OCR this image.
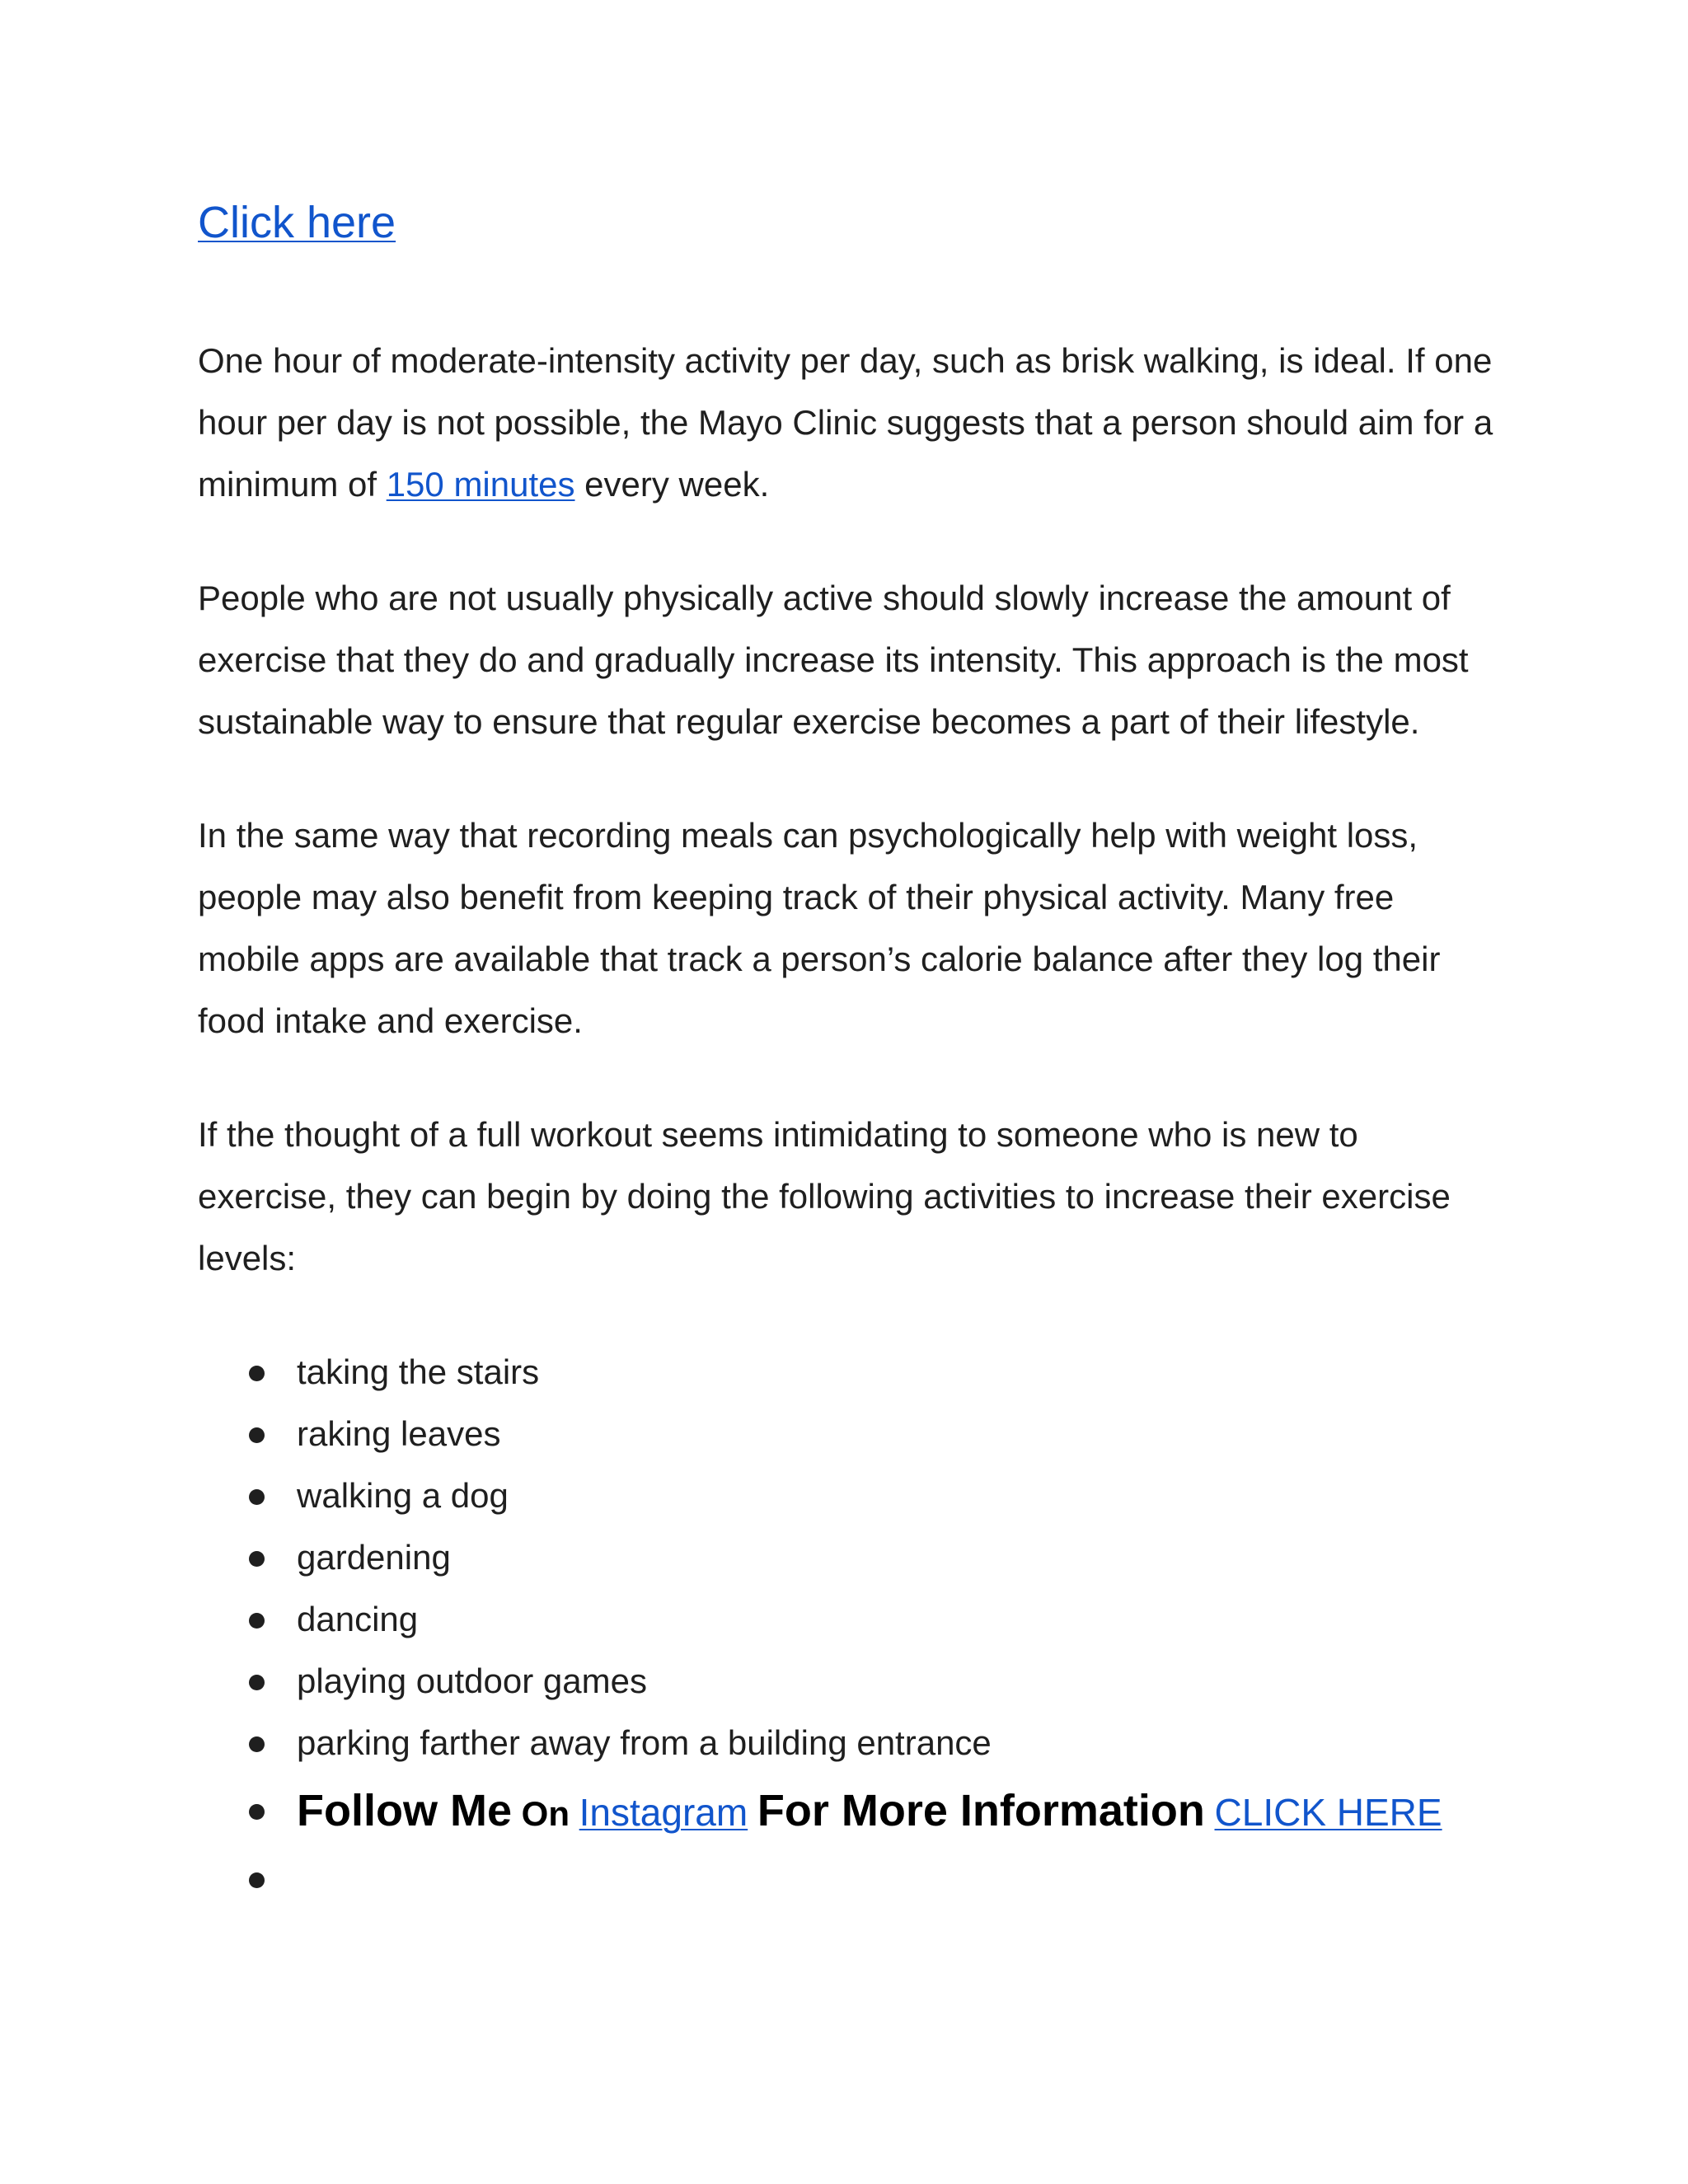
Click here

One hour of moderate-intensity activity per day, such as brisk walking, is ideal. If one hour per day is not possible, the Mayo Clinic suggests that a person should aim for a minimum of 150 minutes every week.

People who are not usually physically active should slowly increase the amount of exercise that they do and gradually increase its intensity. This approach is the most sustainable way to ensure that regular exercise becomes a part of their lifestyle.

In the same way that recording meals can psychologically help with weight loss, people may also benefit from keeping track of their physical activity. Many free mobile apps are available that track a person’s calorie balance after they log their food intake and exercise.

If the thought of a full workout seems intimidating to someone who is new to exercise, they can begin by doing the following activities to increase their exercise levels:

taking the stairs
raking leaves
walking a dog
gardening
dancing
playing outdoor games
parking farther away from a building entrance
Follow Me On Instagram For More Information CLICK HERE
